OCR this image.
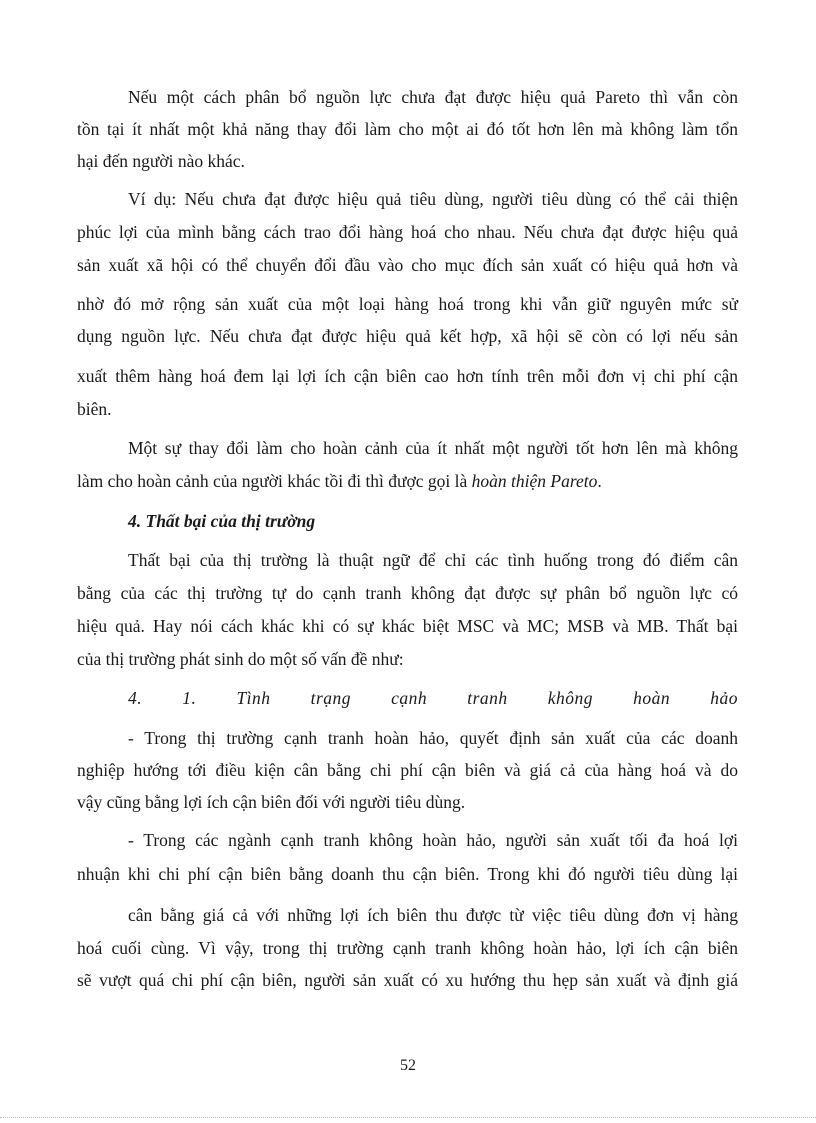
Nếu một cách phân bổ nguồn lực chưa đạt được hiệu quả Pareto thì vẫn còn
tồn tại ít nhất một khả năng thay đổi làm cho một ai đó tốt hơn lên mà không làm tổn
hại đến người nào khác.
Ví dụ: Nếu chưa đạt được hiệu quả tiêu dùng, người tiêu dùng có thể cải thiện
phúc lợi của mình bằng cách trao đổi hàng hoá cho nhau. Nếu chưa đạt được hiệu quả
sản xuất xã hội có thể chuyển đổi đầu vào cho mục đích sản xuất có hiệu quả hơn và
nhờ đó mở rộng sản xuất của một loại hàng hoá trong khi vẫn giữ nguyên mức sử
dụng nguồn lực. Nếu chưa đạt được hiệu quả kết hợp, xã hội sẽ còn có lợi nếu sản
xuất thêm hàng hoá đem lại lợi ích cận biên cao hơn tính trên mỗi đơn vị chi phí cận
biên.
Một sự thay đổi làm cho hoàn cảnh của ít nhất một người tốt hơn lên mà không
làm cho hoàn cảnh của người khác tồi đi thì được gọi là hoàn thiện Pareto.
4. Thất bại của thị trường
Thất bại của thị trường là thuật ngữ để chỉ các tình huống trong đó điểm cân
bằng của các thị trường tự do cạnh tranh không đạt được sự phân bổ nguồn lực có
hiệu quả. Hay nói cách khác khi có sự khác biệt MSC và MC; MSB và MB. Thất bại
của thị trường phát sinh do một số vấn đề như:
4. 1. Tình trạng cạnh tranh không hoàn hảo
- Trong thị trường cạnh tranh hoàn hảo, quyết định sản xuất của các doanh
nghiệp hướng tới điều kiện cân bằng chi phí cận biên và giá cả của hàng hoá và do
vậy cũng bằng lợi ích cận biên đối với người tiêu dùng.
- Trong các ngành cạnh tranh không hoàn hảo, người sản xuất tối đa hoá lợi
nhuận khi chi phí cận biên bằng doanh thu cận biên. Trong khi đó người tiêu dùng lại
cân bằng giá cả với những lợi ích biên thu được từ việc tiêu dùng đơn vị hàng
hoá cuối cùng. Vì vậy, trong thị trường cạnh tranh không hoàn hảo, lợi ích cận biên
sẽ vượt quá chi phí cận biên, người sản xuất có xu hướng thu hẹp sản xuất và định giá
52
